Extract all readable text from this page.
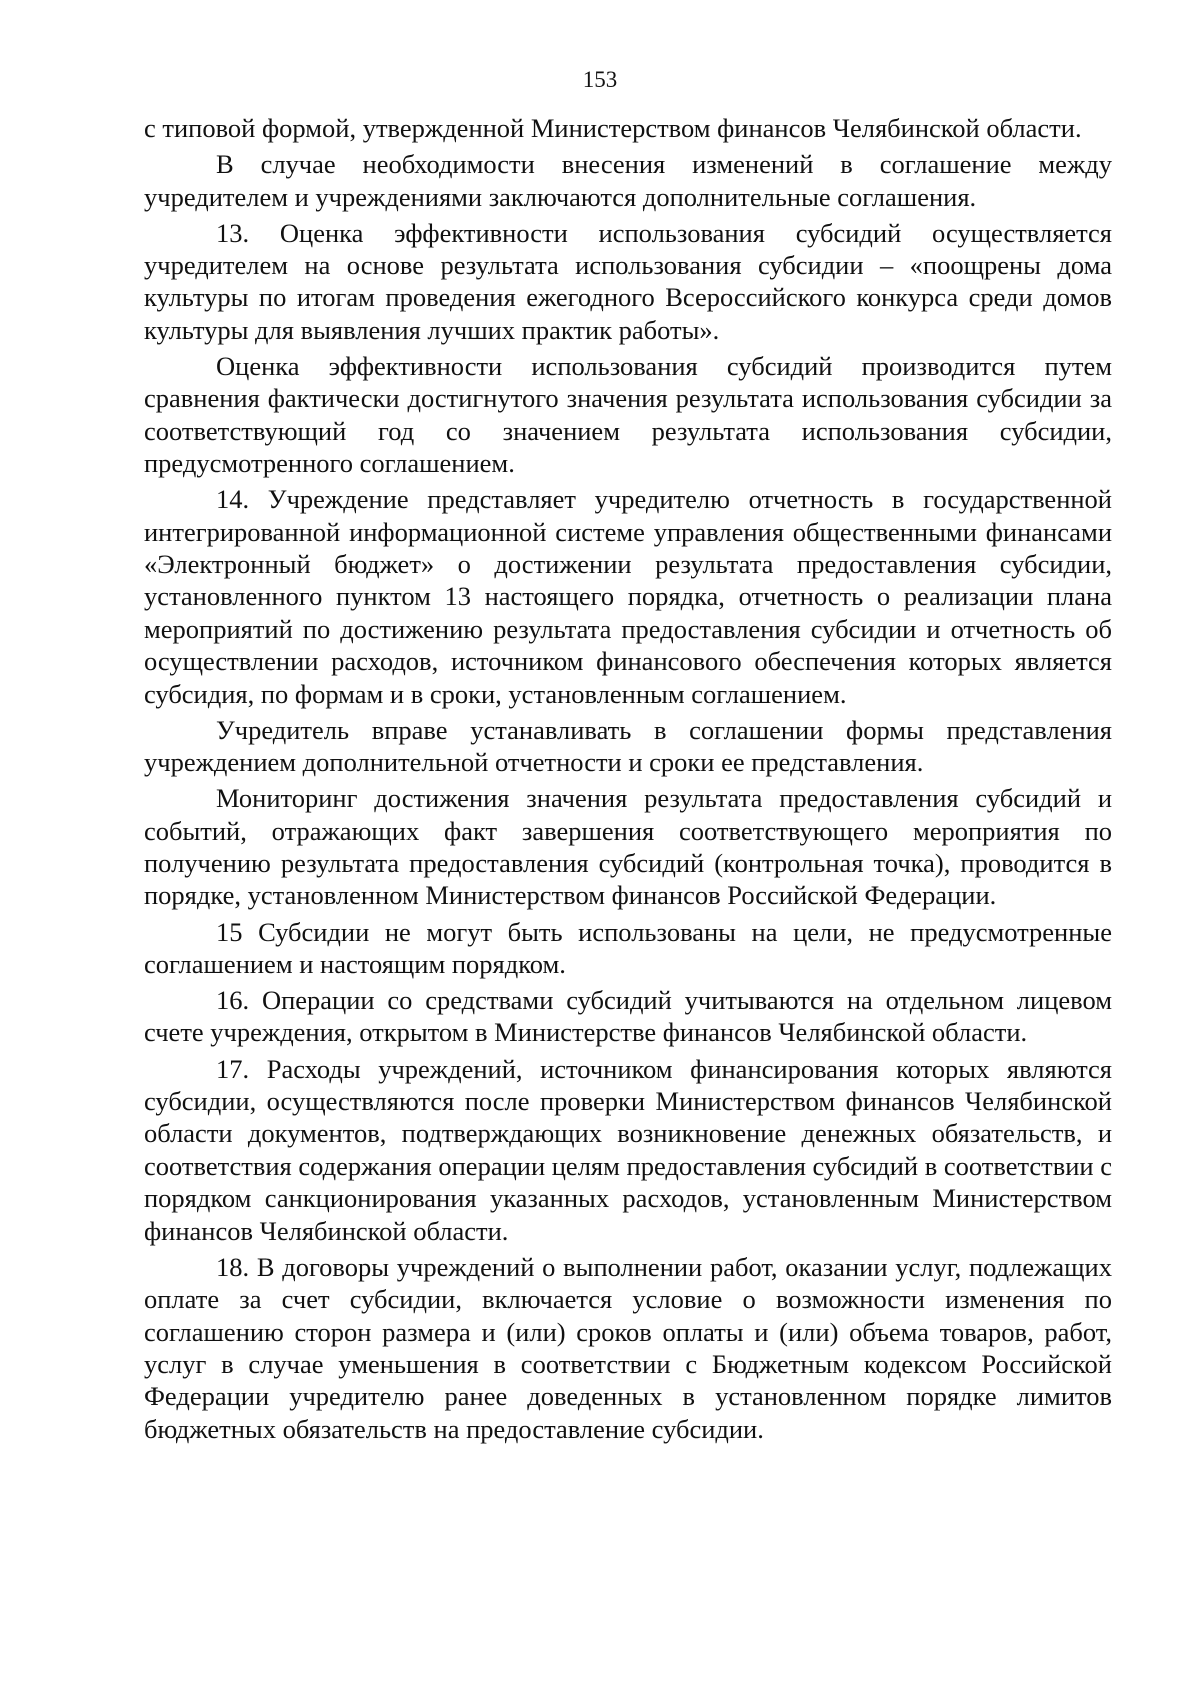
153

с типовой формой, утвержденной Министерством финансов Челябинской области.

В случае необходимости внесения изменений в соглашение между учредителем и учреждениями заключаются дополнительные соглашения.

13. Оценка эффективности использования субсидий осуществляется учредителем на основе результата использования субсидии – «поощрены дома культуры по итогам проведения ежегодного Всероссийского конкурса среди домов культуры для выявления лучших практик работы».

Оценка эффективности использования субсидий производится путем сравнения фактически достигнутого значения результата использования субсидии за соответствующий год со значением результата использования субсидии, предусмотренного соглашением.

14. Учреждение представляет учредителю отчетность в государственной интегрированной информационной системе управления общественными финансами «Электронный бюджет» о достижении результата предоставления субсидии, установленного пунктом 13 настоящего порядка, отчетность о реализации плана мероприятий по достижению результата предоставления субсидии и отчетность об осуществлении расходов, источником финансового обеспечения которых является субсидия, по формам и в сроки, установленным соглашением.

Учредитель вправе устанавливать в соглашении формы представления учреждением дополнительной отчетности и сроки ее представления.

Мониторинг достижения значения результата предоставления субсидий и событий, отражающих факт завершения соответствующего мероприятия по получению результата предоставления субсидий (контрольная точка), проводится в порядке, установленном Министерством финансов Российской Федерации.

15 Субсидии не могут быть использованы на цели, не предусмотренные соглашением и настоящим порядком.

16. Операции со средствами субсидий учитываются на отдельном лицевом счете учреждения, открытом в Министерстве финансов Челябинской области.

17. Расходы учреждений, источником финансирования которых являются субсидии, осуществляются после проверки Министерством финансов Челябинской области документов, подтверждающих возникновение денежных обязательств, и соответствия содержания операции целям предоставления субсидий в соответствии с порядком санкционирования указанных расходов, установленным Министерством финансов Челябинской области.

18. В договоры учреждений о выполнении работ, оказании услуг, подлежащих оплате за счет субсидии, включается условие о возможности изменения по соглашению сторон размера и (или) сроков оплаты и (или) объема товаров, работ, услуг в случае уменьшения в соответствии с Бюджетным кодексом Российской Федерации учредителю ранее доведенных в установленном порядке лимитов бюджетных обязательств на предоставление субсидии.
